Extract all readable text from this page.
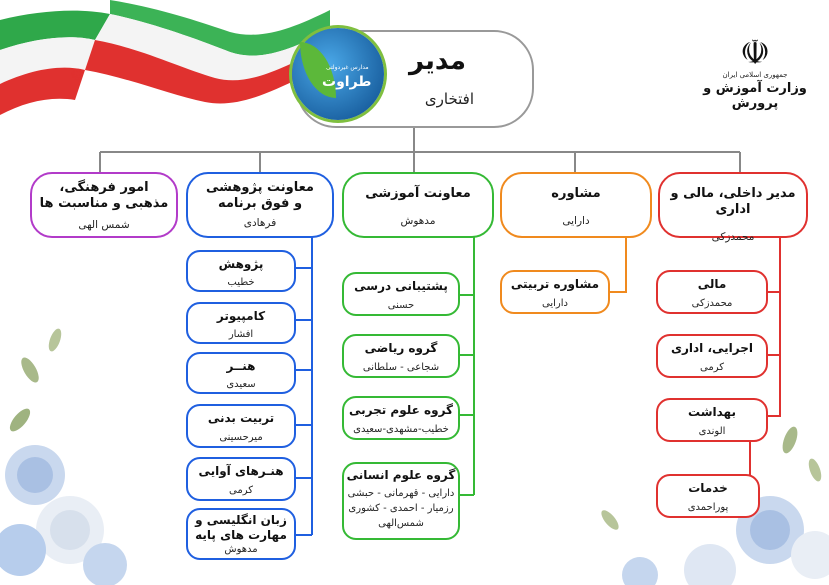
☫
☫
جمهوری اسلامی ایران
وزارت آموزش و پرورش
مدیر
افتخاری
مدارس غیردولتی
طراوت
امور فرهنگی،
مذهبی و مناسبت ها
شمس الهی
معاونت پژوهشی
و فوق برنامه
فرهادی
معاونت آموزشی
مدهوش
مشاوره
دارایی
مدیر داخلی، مالی و اداری
محمدزکی
پژوهش
خطیب
کامپیوتر
افشار
هنــر
سعیدی
تربیت بدنی
میرحسینی
هنـرهای آوایی
کرمی
زبان انگلیسی و
مهارت های پایه
مدهوش
پشتیبانی درسی
حسنی
گروه ریاضی
شجاعی - سلطانی
گروه علوم تجربی
خطیب-مشهدی-سعیدی
گروه علوم انسانی
دارایی - قهرمانی - حبشی
رزمیار - احمدی - کشوری
شمس‌الهی
مشاوره تربیتی
دارایی
مالی
محمدزکی
اجرایی، اداری
کرمی
بهداشت
الوندی
خدمات
پوراحمدی
